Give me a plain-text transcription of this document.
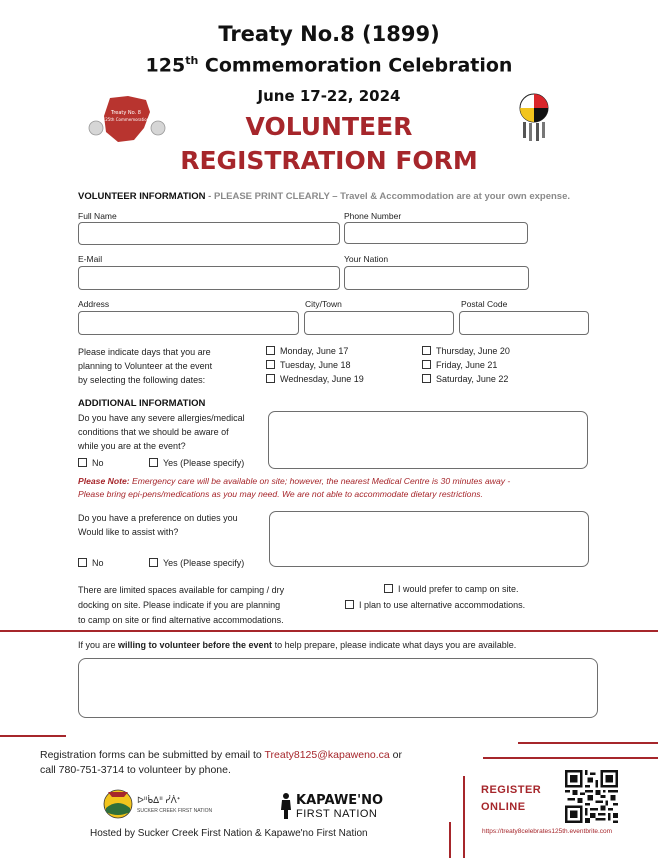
Treaty No.8 (1899)
125th Commemoration Celebration
June 17-22, 2024
VOLUNTEER
REGISTRATION FORM
Treaty No. 8
125th Commemoration
VOLUNTEER INFORMATION - PLEASE PRINT CLEARLY – Travel & Accommodation are at your own expense.
Full Name	Phone Number
E-Mail	Your Nation
Address	City/Town	Postal Code
Please indicate days that you are
planning to Volunteer at the event
by selecting the following dates:
Monday, June 17
Tuesday, June 18
Wednesday, June 19
Thursday, June 20
Friday, June 21
Saturday, June 22
ADDITIONAL INFORMATION
Do you have any severe allergies/medical
conditions that we should be aware of
while you are at the event?
No	Yes (Please specify)
Please Note: Emergency care will be available on site; however, the nearest Medical Centre is 30 minutes away -
Please bring epi-pens/medications as you may need. We are not able to accommodate dietary restrictions.
Do you have a preference on duties you
Would like to assist with?
No	Yes (Please specify)
There are limited spaces available for camping / dry
docking on site. Please indicate if you are planning
to camp on site or find alternative accommodations.
I would prefer to camp on site.
I plan to use alternative accommodations.
If you are willing to volunteer before the event to help prepare, please indicate what days you are available.
Registration forms can be submitted by email to Treaty8125@kapaweno.ca or
call 780-751-3714 to volunteer by phone.
ᐅᐦᑳᐃᐦ ᓰᐲᕀ
SUCKER CREEK FIRST NATION
KAPAWE'NO
FIRST NATION
Hosted by Sucker Creek First Nation & Kapawe'no First Nation
REGISTER
ONLINE
https://treaty8celebrates125th.eventbrite.com
